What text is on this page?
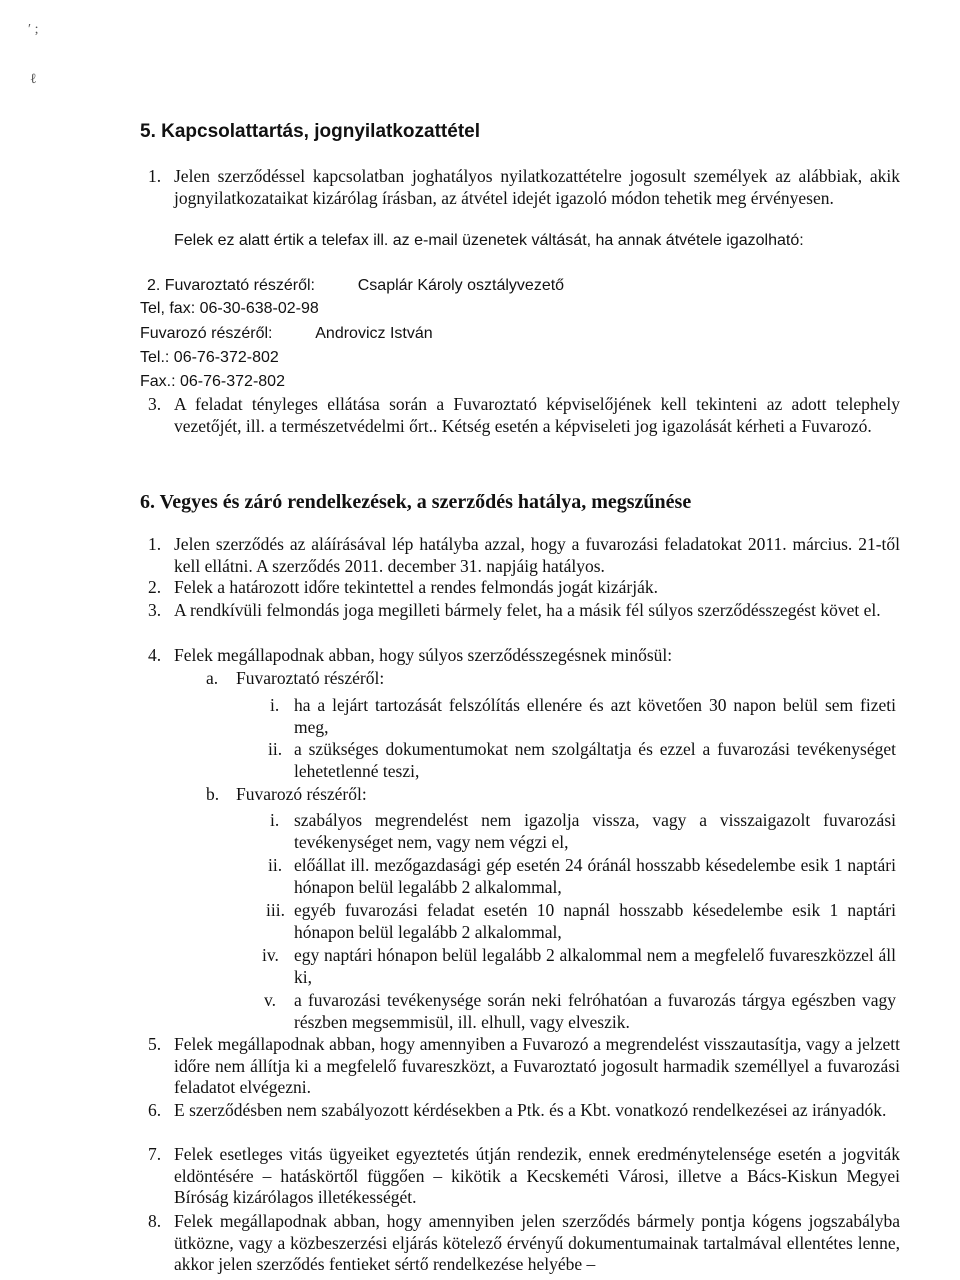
′ ;
ℓ
5. Kapcsolattartás, jognyilatkozattétel
1. Jelen szerződéssel kapcsolatban joghatályos nyilatkozattételre jogosult személyek az alábbiak, akik jognyilatkozataikat kizárólag írásban, az átvétel idejét igazoló módon tehetik meg érvényesen.
Felek ez alatt értik a telefax ill. az e-mail üzenetek váltását, ha annak átvétele igazolható:
2. Fuvaroztató részéről:	Csaplár Károly osztályvezető
Tel, fax: 06-30-638-02-98
Fuvarozó részéről:	Androvicz István
Tel.: 06-76-372-802
Fax.: 06-76-372-802
3. A feladat tényleges ellátása során a Fuvaroztató képviselőjének kell tekinteni az adott telephely vezetőjét, ill. a természetvédelmi őrt.. Kétség esetén a képviseleti jog igazolását kérheti a Fuvarozó.
6. Vegyes és záró rendelkezések, a szerződés hatálya, megszűnése
1. Jelen szerződés az aláírásával lép hatályba azzal, hogy a fuvarozási feladatokat 2011. március. 21-től kell ellátni. A szerződés 2011. december 31. napjáig hatályos.
2. Felek a határozott időre tekintettel a rendes felmondás jogát kizárják.
3. A rendkívüli felmondás joga megilleti bármely felet, ha a másik fél súlyos szerződésszegést követ el.
4. Felek megállapodnak abban, hogy súlyos szerződésszegésnek minősül:
a. Fuvaroztató részéről:
i. ha a lejárt tartozását felszólítás ellenére és azt követően 30 napon belül sem fizeti meg,
ii. a szükséges dokumentumokat nem szolgáltatja és ezzel a fuvarozási tevékenységet lehetetlenné teszi,
b. Fuvarozó részéről:
i. szabályos megrendelést nem igazolja vissza, vagy a visszaigazolt fuvarozási tevékenységet nem, vagy nem végzi el,
ii. előállat ill. mezőgazdasági gép esetén 24 óránál hosszabb késedelembe esik 1 naptári hónapon belül legalább 2 alkalommal,
iii. egyéb fuvarozási feladat esetén 10 napnál hosszabb késedelembe esik 1 naptári hónapon belül legalább 2 alkalommal,
iv. egy naptári hónapon belül legalább 2 alkalommal nem a megfelelő fuvareszközzel áll ki,
v. a fuvarozási tevékenysége során neki felróhatóan a fuvarozás tárgya egészben vagy részben megsemmisül, ill. elhull, vagy elveszik.
5. Felek megállapodnak abban, hogy amennyiben a Fuvarozó a megrendelést visszautasítja, vagy a jelzett időre nem állítja ki a megfelelő fuvareszközt, a Fuvaroztató jogosult harmadik személlyel a fuvarozási feladatot elvégezni.
6. E szerződésben nem szabályozott kérdésekben a Ptk. és a Kbt. vonatkozó rendelkezései az irányadók.
7. Felek esetleges vitás ügyeiket egyeztetés útján rendezik, ennek eredménytelensége esetén a jogviták eldöntésére – hatáskörtől függően – kikötik a Kecskeméti Városi, illetve a Bács-Kiskun Megyei Bíróság kizárólagos illetékességét.
8. Felek megállapodnak abban, hogy amennyiben jelen szerződés bármely pontja kógens jogszabályba ütközne, vagy a közbeszerzési eljárás kötelező érvényű dokumentumainak tartalmával ellentétes lenne, akkor jelen szerződés fentieket sértő rendelkezése helyébe –
